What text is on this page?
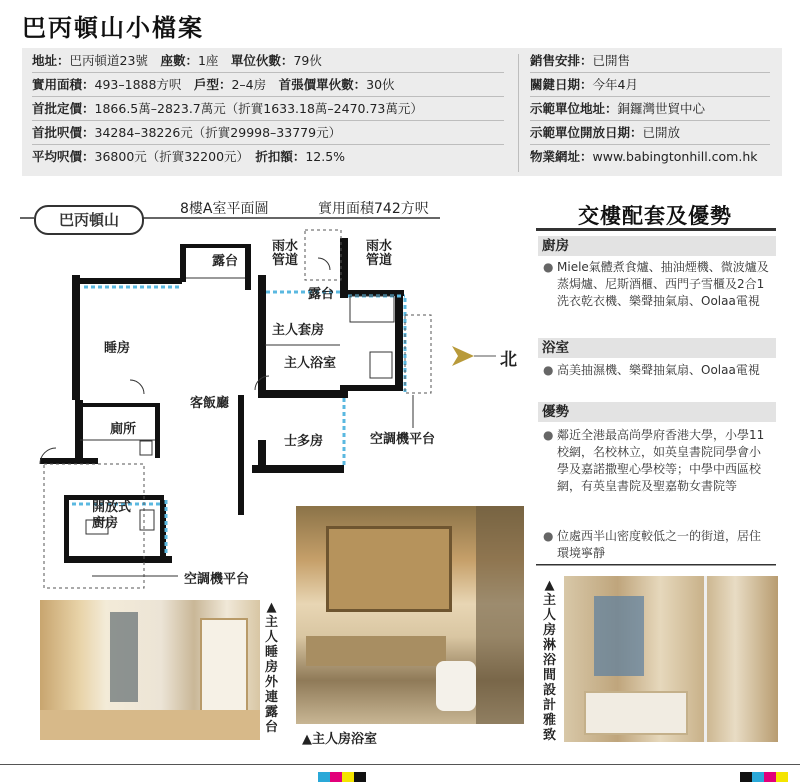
巴丙頓山小檔案
地址：巴丙頓道23號　 座數：1座　 單位伙數：79伙
實用面積：493–1888方呎　 戶型：2–4房　 首張價單伙數：30伙
首批定價：1866.5萬–2823.7萬元（折實1633.18萬–2470.73萬元）
首批呎價：34284–38226元（折實29998–33779元）
平均呎價：36800元（折實32200元）　 折扣額：12.5%
銷售安排：已開售
關鍵日期：今年4月
示範單位地址：銅鑼灣世貿中心
示範單位開放日期：已開放
物業網址：www.babingtonhill.com.hk
巴丙頓山
8樓A室平面圖	實用面積742方呎
露台
雨水
管道
雨水
管道
露台
主人套房
主人浴室
睡房
客飯廳
廁所
士多房	空調機平台
開放式
廚房
空調機平台
北
交樓配套及優勢
廚房
● Miele氣體煮食爐、抽油煙機、微波爐及蒸焗爐、尼斯酒櫃、西門子雪櫃及2合1洗衣乾衣機、樂聲抽氣扇、Oolaa電視
浴室
● 高美抽濕機、樂聲抽氣扇、Oolaa電視
優勢
● 鄰近全港最高尚學府香港大學，小學11校網，名校林立，如英皇書院同學會小學及嘉諾撒聖心學校等；中學中西區校網，有英皇書院及聖嘉勒女書院等
● 位處西半山密度較低之一的街道，居住環境寧靜
▲主人睡房外連露台
▲主人房浴室
▲主人房淋浴間設計雅致
